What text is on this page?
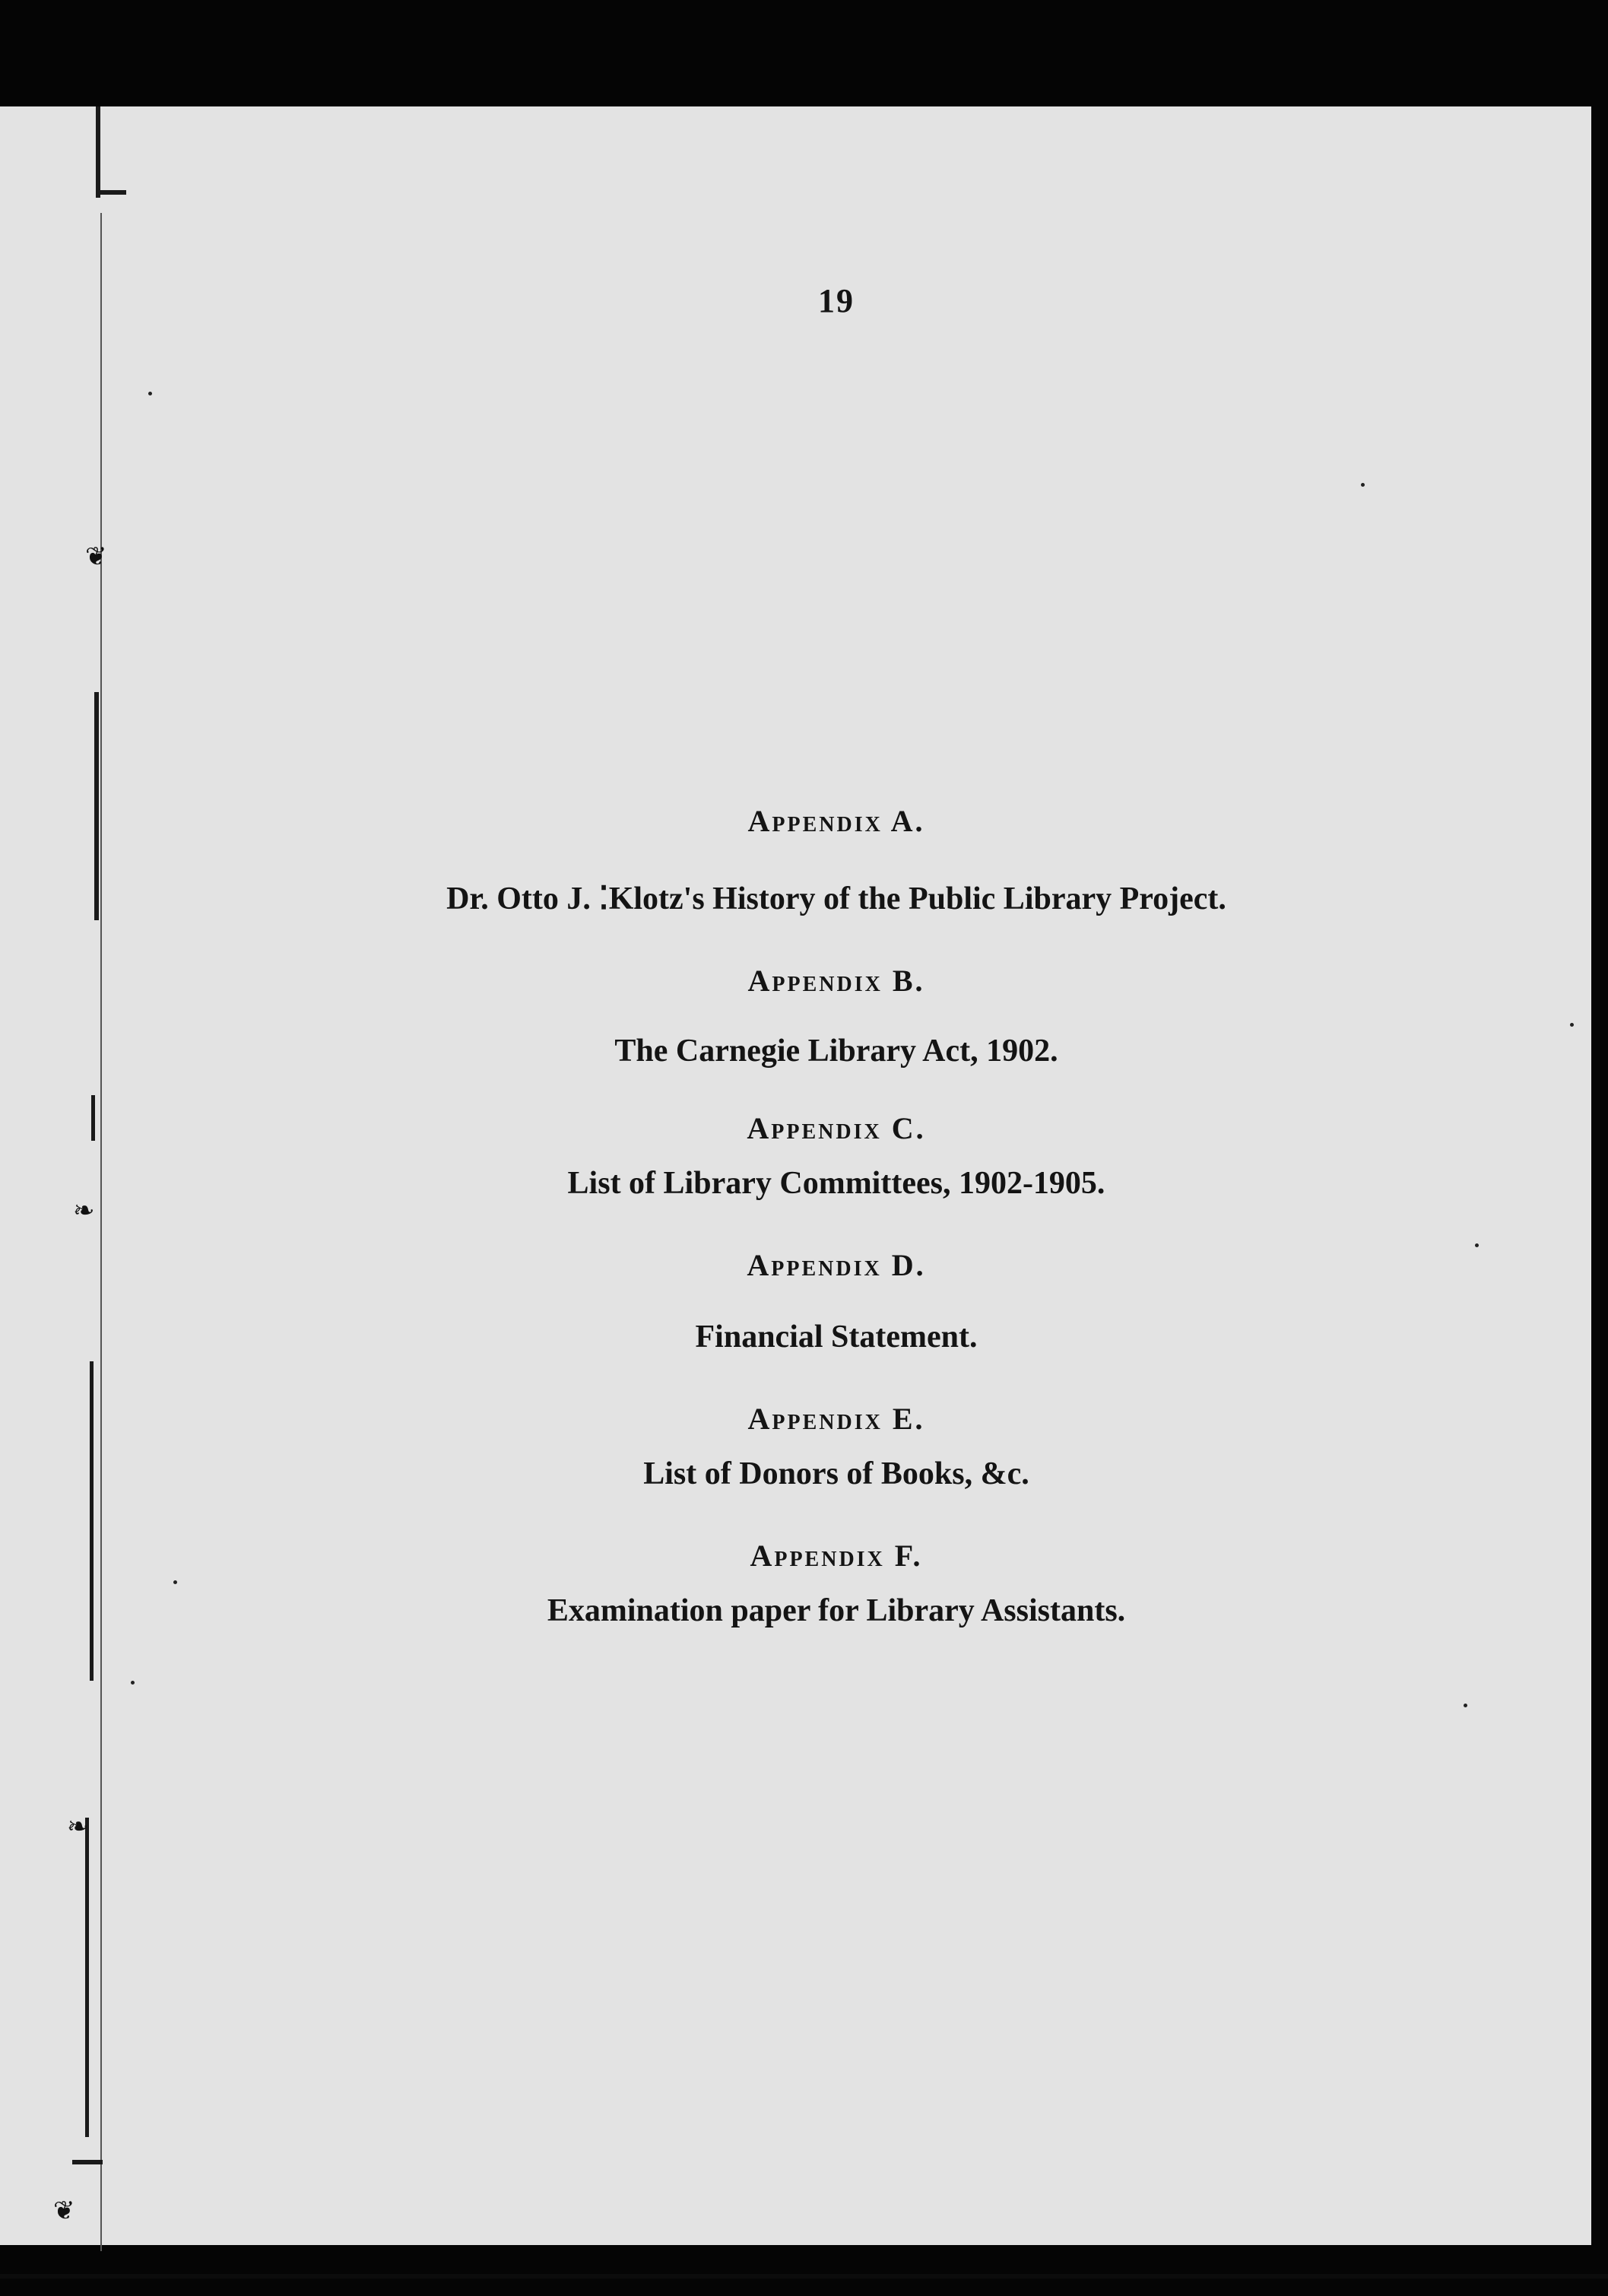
❦
❧
❧
❦
19

Appendix A.

Dr. Otto J. ⁚Klotz's History of the Public Library Project.

Appendix B.

The Carnegie Library Act, 1902.

Appendix C.

List of Library Committees, 1902-1905.

Appendix D.

Financial Statement.

Appendix E.

List of Donors of Books, &c.

Appendix F.

Examination paper for Library Assistants.
